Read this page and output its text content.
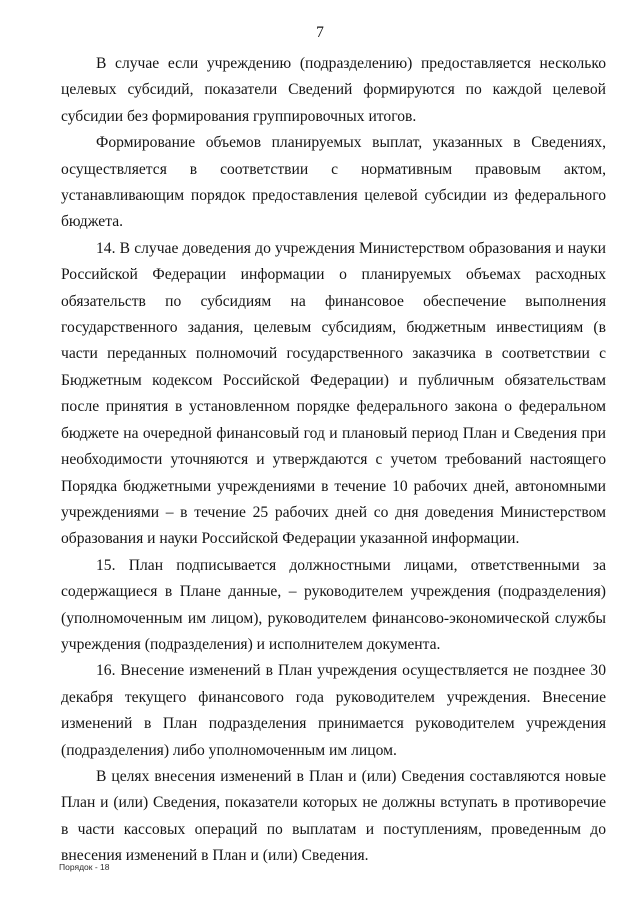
7

В случае если учреждению (подразделению) предоставляется несколько целевых субсидий, показатели Сведений формируются по каждой целевой субсидии без формирования группировочных итогов.

Формирование объемов планируемых выплат, указанных в Сведениях, осуществляется в соответствии с нормативным правовым актом, устанавливающим порядок предоставления целевой субсидии из федерального бюджета.

14. В случае доведения до учреждения Министерством образования и науки Российской Федерации информации о планируемых объемах расходных обязательств по субсидиям на финансовое обеспечение выполнения государственного задания, целевым субсидиям, бюджетным инвестициям (в части переданных полномочий государственного заказчика в соответствии с Бюджетным кодексом Российской Федерации) и публичным обязательствам после принятия в установленном порядке федерального закона о федеральном бюджете на очередной финансовый год и плановый период План и Сведения при необходимости уточняются и утверждаются с учетом требований настоящего Порядка бюджетными учреждениями в течение 10 рабочих дней, автономными учреждениями – в течение 25 рабочих дней со дня доведения Министерством образования и науки Российской Федерации указанной информации.

15. План подписывается должностными лицами, ответственными за содержащиеся в Плане данные, – руководителем учреждения (подразделения) (уполномоченным им лицом), руководителем финансово-экономической службы учреждения (подразделения) и исполнителем документа.

16. Внесение изменений в План учреждения осуществляется не позднее 30 декабря текущего финансового года руководителем учреждения. Внесение изменений в План подразделения принимается руководителем учреждения (подразделения) либо уполномоченным им лицом.

В целях внесения изменений в План и (или) Сведения составляются новые План и (или) Сведения, показатели которых не должны вступать в противоречие в части кассовых операций по выплатам и поступлениям, проведенным до внесения изменений в План и (или) Сведения.

Порядок - 18
